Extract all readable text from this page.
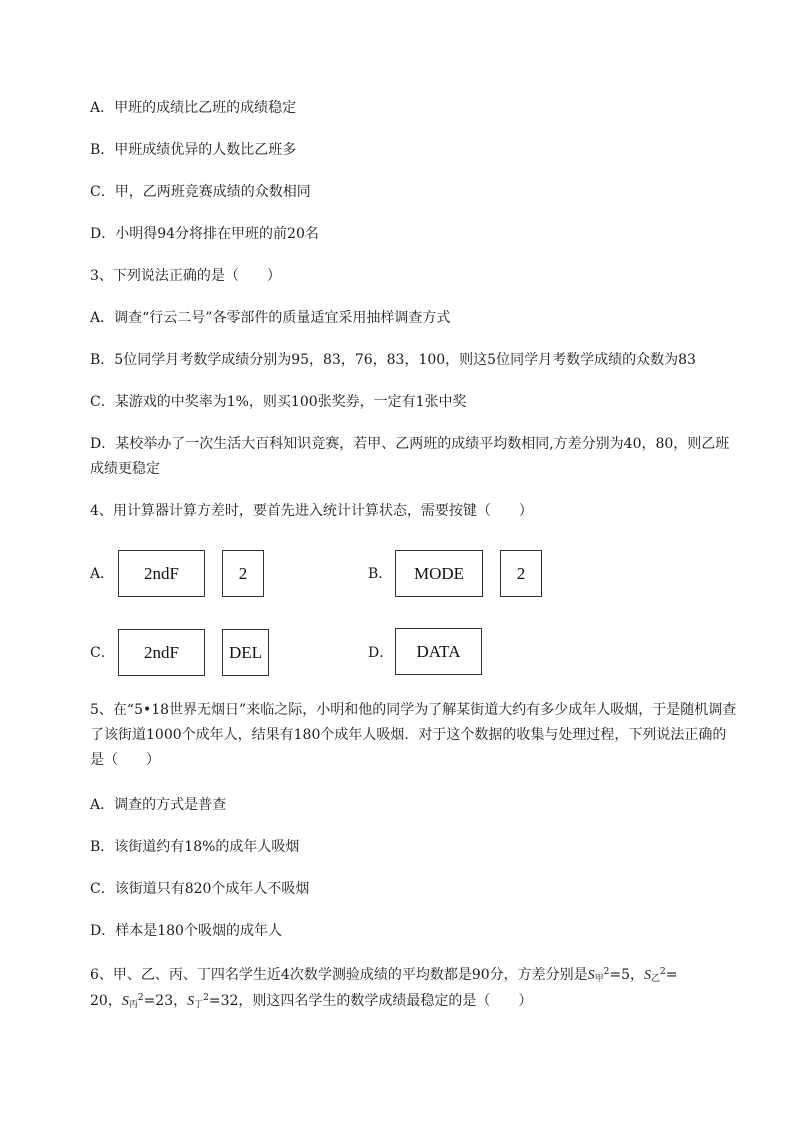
A．甲班的成绩比乙班的成绩稳定
B．甲班成绩优异的人数比乙班多
C．甲，乙两班竞赛成绩的众数相同
D．小明得94分将排在甲班的前20名
3、下列说法正确的是（　　）
A．调查“行云二号”各零部件的质量适宜采用抽样调查方式
B．5位同学月考数学成绩分别为95，83，76，83，100，则这5位同学月考数学成绩的众数为83
C．某游戏的中奖率为1%，则买100张奖券，一定有1张中奖
D．某校举办了一次生活大百科知识竞赛，若甲、乙两班的成绩平均数相同,方差分别为40，80，则乙班成绩更稳定
4、用计算器计算方差时，要首先进入统计计算状态，需要按键（　　）
A．	2ndF	2	B．	MODE	2
C．	2ndF	DEL	D．	DATA
5、在“5•18世界无烟日”来临之际，小明和他的同学为了解某街道大约有多少成年人吸烟，于是随机调查了该街道1000个成年人，结果有180个成年人吸烟．对于这个数据的收集与处理过程，下列说法正确的是（　　）
A．调查的方式是普查
B．该街道约有18%的成年人吸烟
C．该街道只有820个成年人不吸烟
D．样本是180个吸烟的成年人
6、甲、乙、丙、丁四名学生近4次数学测验成绩的平均数都是90分，方差分别是$S_甲^2=5$，$S_乙^2=$
20，$S_丙^2=23$，$S_丁^2=32$，则这四名学生的数学成绩最稳定的是（　　）
